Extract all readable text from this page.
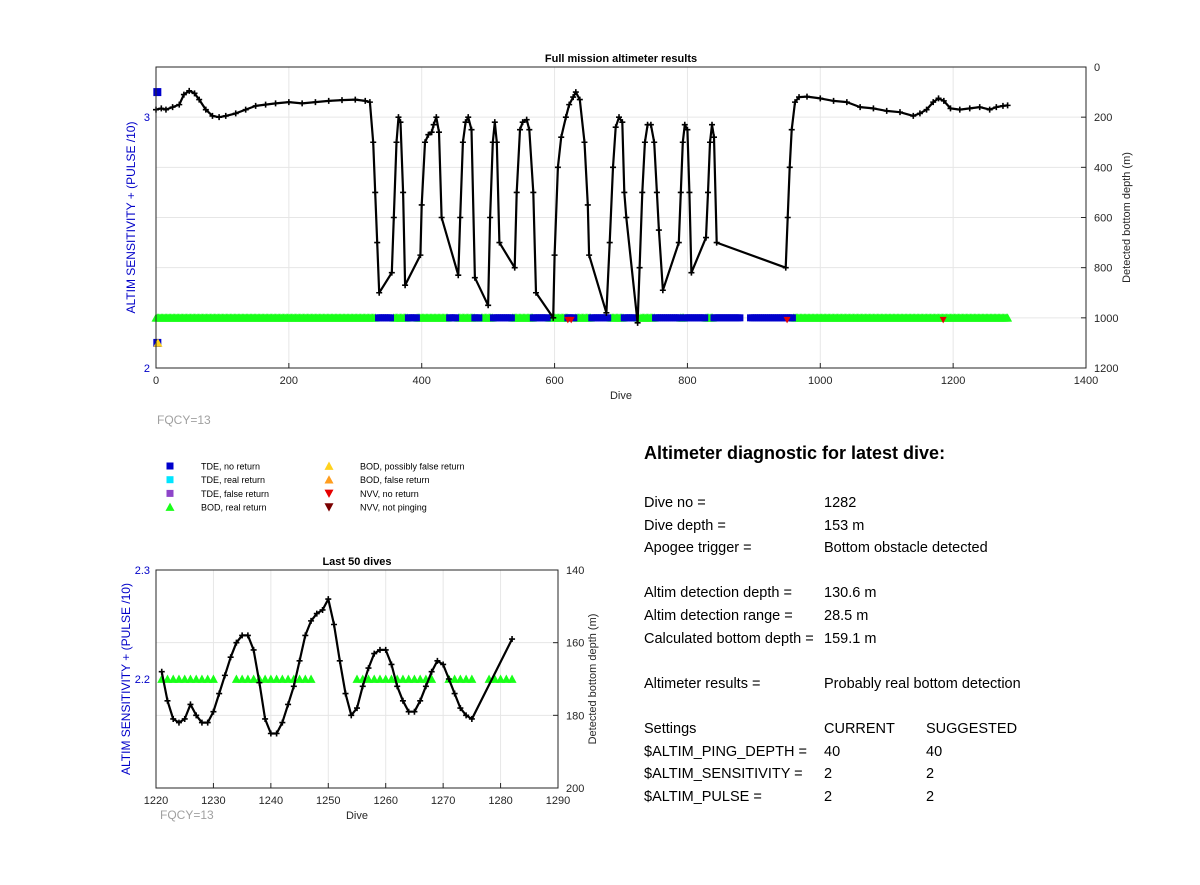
0	200	400	600	800	1000	1200	1400
2
3
0
200
400
600
800
1000
1200
Full mission altimeter results
Dive
ALTIM SENSITIVITY + (PULSE /10)	Detected bottom depth (m)
FQCY=13
1220	1230	1240	1250	1260	1270	1280	1290
2.2
2.3	140
160
180
200
Last 50 dives
Dive
ALTIM SENSITIVITY + (PULSE /10)	Detected bottom depth (m)
FQCY=13
TDE, no return
TDE, real return
TDE, false return
BOD, real return
BOD, possibly false return
BOD, false return
NVV, no return
NVV, not pinging
Altimeter diagnostic for latest dive:
Dive no =	1282
Dive depth =	153 m
Apogee trigger =	Bottom obstacle detected
Altim detection depth = 130.6 m
Altim detection range = 28.5 m
Calculated bottom depth = 159.1 m
Altimeter results =	Probably real bottom detection
Settings	CURRENT SUGGESTED
$ALTIM_PING_DEPTH = 40	40
$ALTIM_SENSITIVITY = 2	2
$ALTIM_PULSE =	2	2
